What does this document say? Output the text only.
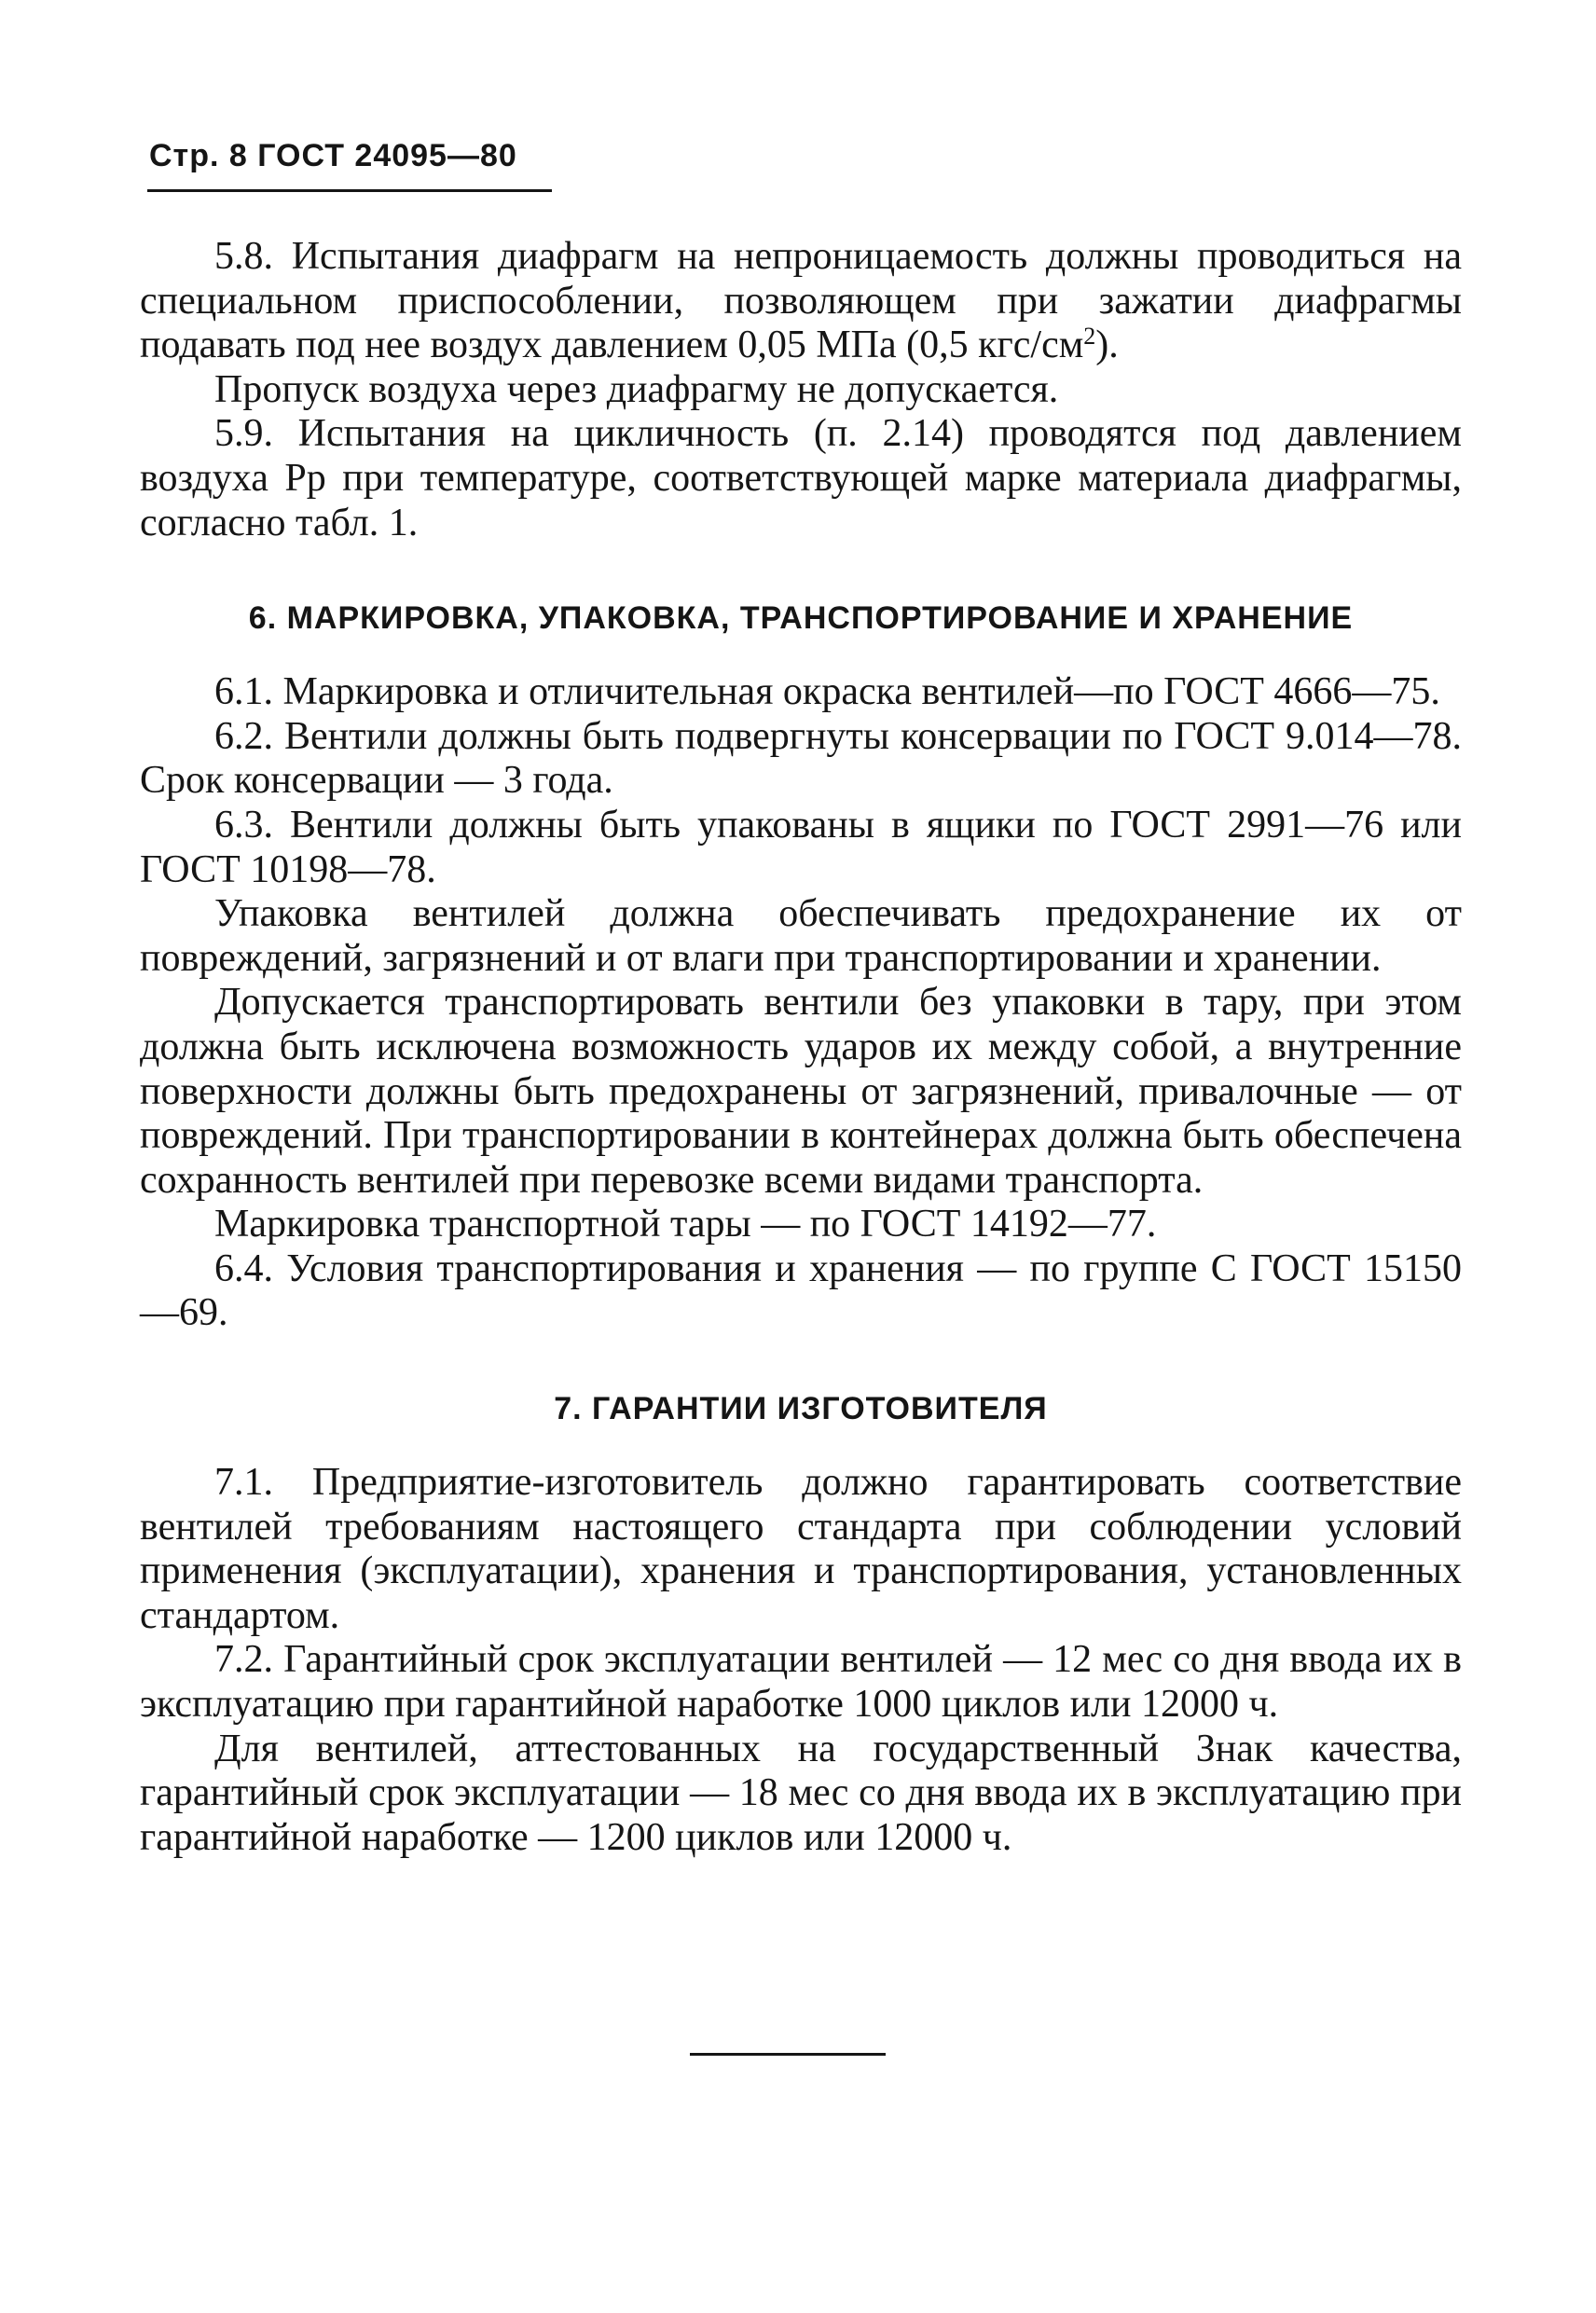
Стр. 8 ГОСТ 24095—80

5.8. Испытания диафрагм на непроницаемость должны проводиться на специальном приспособлении, позволяющем при зажатии диафрагмы подавать под нее воздух давлением 0,05 МПа (0,5 кгс/$см^2$).

Пропуск воздуха через диафрагму не допускается.

5.9. Испытания на цикличность (п. 2.14) проводятся под давлением воздуха Pр при температуре, соответствующей марке материала диафрагмы, согласно табл. 1.

6. МАРКИРОВКА, УПАКОВКА, ТРАНСПОРТИРОВАНИЕ И ХРАНЕНИЕ

6.1. Маркировка и отличительная окраска вентилей—по ГОСТ 4666—75.

6.2. Вентили должны быть подвергнуты консервации по ГОСТ 9.014—78. Срок консервации — 3 года.

6.3. Вентили должны быть упакованы в ящики по ГОСТ 2991—76 или ГОСТ 10198—78.

Упаковка вентилей должна обеспечивать предохранение их от повреждений, загрязнений и от влаги при транспортировании и хранении.

Допускается транспортировать вентили без упаковки в тару, при этом должна быть исключена возможность ударов их между собой, а внутренние поверхности должны быть предохранены от загрязнений, привалочные — от повреждений. При транспортировании в контейнерах должна быть обеспечена сохранность вентилей при перевозке всеми видами транспорта.

Маркировка транспортной тары — по ГОСТ 14192—77.

6.4. Условия транспортирования и хранения — по группе С ГОСТ 15150—69.

7. ГАРАНТИИ ИЗГОТОВИТЕЛЯ

7.1. Предприятие-изготовитель должно гарантировать соответствие вентилей требованиям настоящего стандарта при соблюдении условий применения (эксплуатации), хранения и транспортирования, установленных стандартом.

7.2. Гарантийный срок эксплуатации вентилей — 12 мес со дня ввода их в эксплуатацию при гарантийной наработке 1000 циклов или 12000 ч.

Для вентилей, аттестованных на государственный Знак качества, гарантийный срок эксплуатации — 18 мес со дня ввода их в эксплуатацию при гарантийной наработке — 1200 циклов или 12000 ч.
